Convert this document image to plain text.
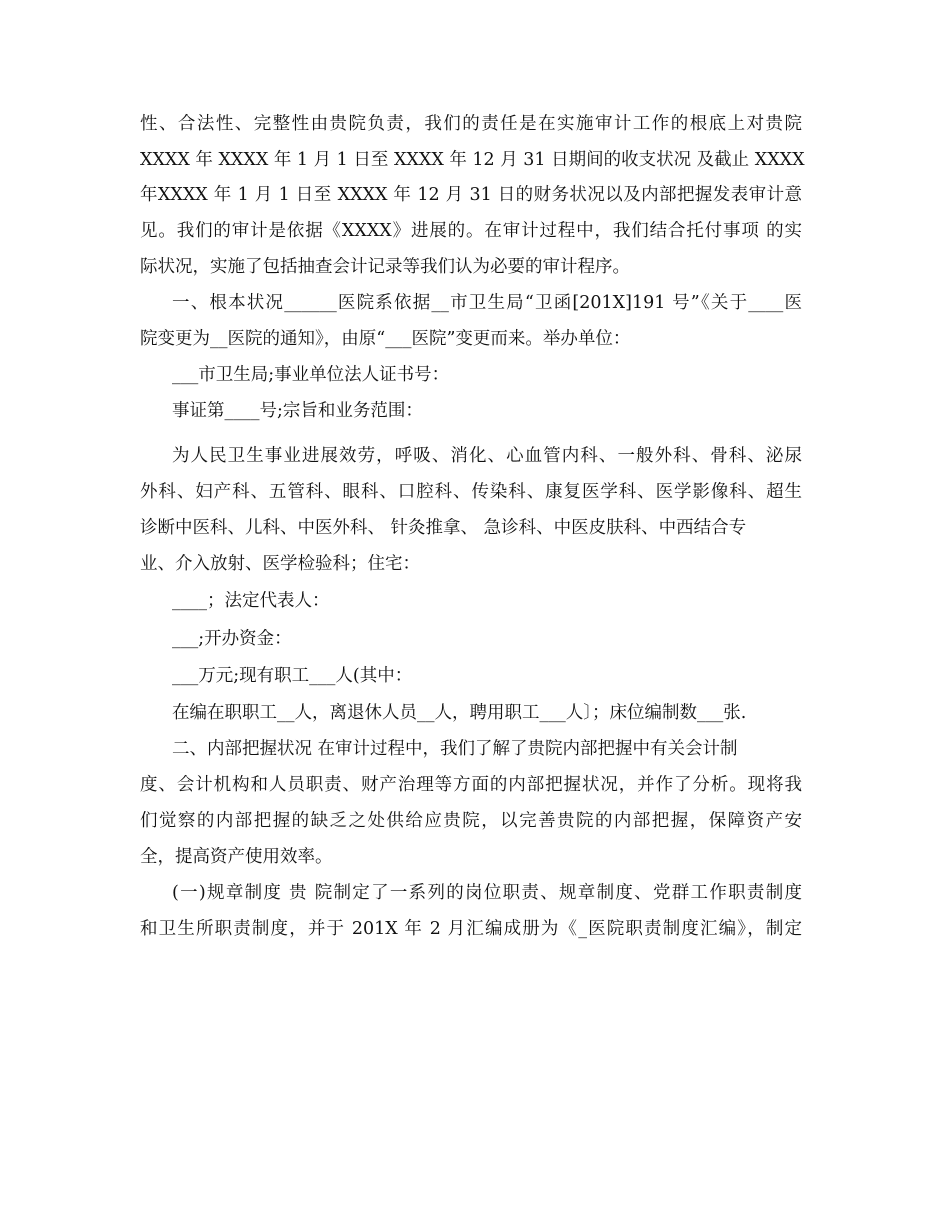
性、合法性、完整性由贵院负责，我们的责任是在实施审计工作的根底上对贵院
XXXX 年 XXXX 年 1 月 1 日至 XXXX 年 12 月 31 日期间的收支状况 及截止 XXXX
年XXXX 年 1 月 1 日至 XXXX 年 12 月 31 日的财务状况以及内部把握发表审计意
见。我们的审计是依据《XXXX》进展的。在审计过程中，我们结合托付事项 的实
际状况，实施了包括抽查会计记录等我们认为必要的审计程序。
一、根本状况______医院系依据__市卫生局“卫函[201X]191 号”《关于____医
院变更为__医院的通知》，由原“___医院”变更而来。举办单位：
___市卫生局;事业单位法人证书号：
事证第____号;宗旨和业务范围：
为人民卫生事业进展效劳，呼吸、消化、心血管内科、一般外科、骨科、泌尿
外科、妇产科、五管科、眼科、口腔科、传染科、康复医学科、医学影像科、超生
诊断中医科、儿科、中医外科、 针灸推拿、 急诊科、中医皮肤科、中西结合专
业、介入放射、医学检验科；住宅：
____；法定代表人：
___;开办资金：
___万元;现有职工___人(其中：
在编在职职工__人，离退休人员__人，聘用职工___人〕；床位编制数___张.
二、内部把握状况 在审计过程中，我们了解了贵院内部把握中有关会计制
度、会计机构和人员职责、财产治理等方面的内部把握状况，并作了分析。现将我
们觉察的内部把握的缺乏之处供给应贵院，以完善贵院的内部把握，保障资产安
全，提高资产使用效率。
(一)规章制度 贵 院制定了一系列的岗位职责、规章制度、党群工作职责制度
和卫生所职责制度，并于 201X 年 2 月汇编成册为《_医院职责制度汇编》，制定
